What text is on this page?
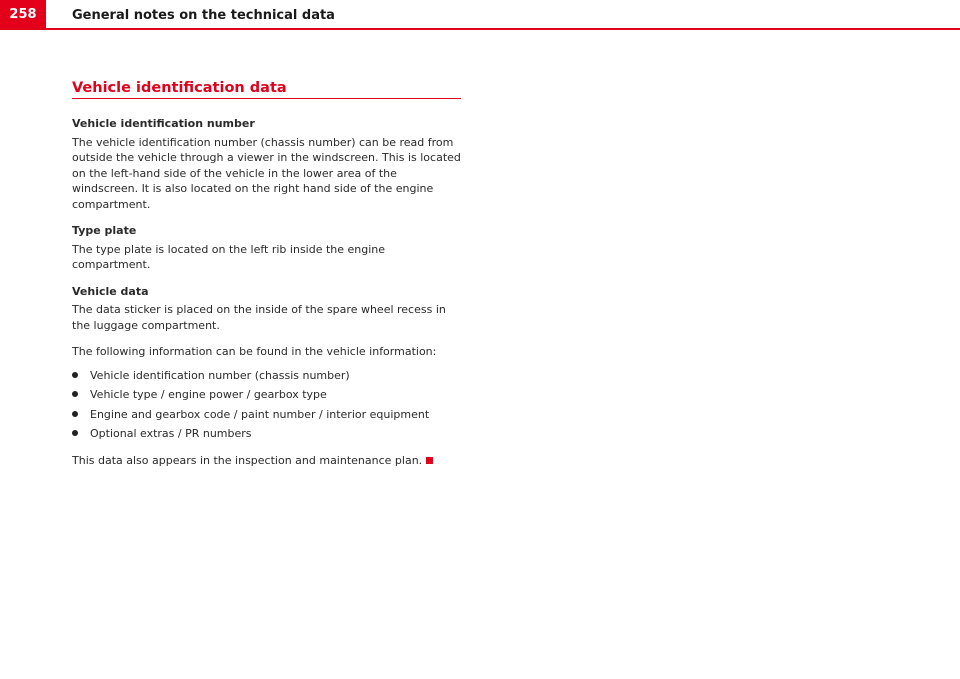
258	General notes on the technical data
Vehicle identification data

Vehicle identification number

The vehicle identification number (chassis number) can be read from outside the vehicle through a viewer in the windscreen. This is located on the left-hand side of the vehicle in the lower area of the windscreen. It is also located on the right hand side of the engine compartment.

Type plate

The type plate is located on the left rib inside the engine compartment.

Vehicle data

The data sticker is placed on the inside of the spare wheel recess in the luggage compartment.

The following information can be found in the vehicle information:

Vehicle identification number (chassis number)
Vehicle type / engine power / gearbox type
Engine and gearbox code / paint number / interior equipment
Optional extras / PR numbers

This data also appears in the inspection and maintenance plan.
